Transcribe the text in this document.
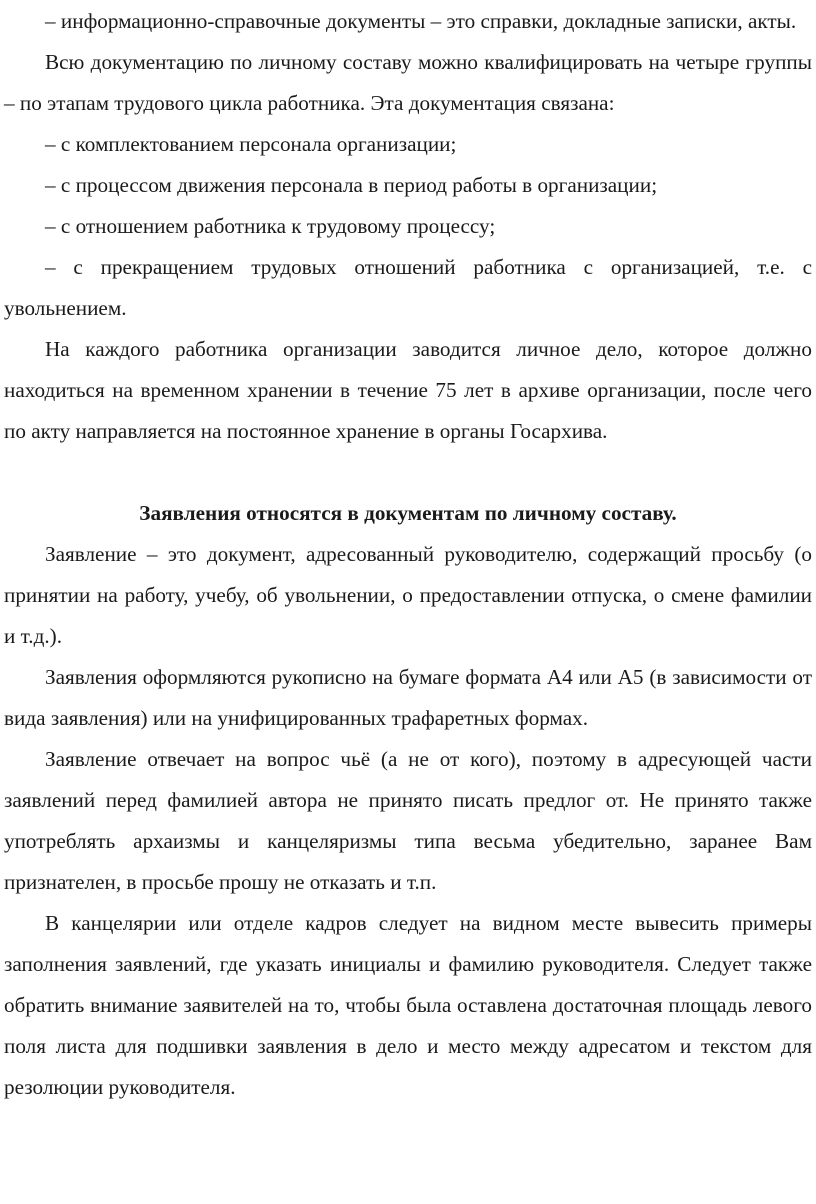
– информационно-справочные документы – это справки, докладные записки, акты.

Всю документацию по личному составу можно квалифицировать на четыре группы – по этапам трудового цикла работника. Эта документация связана:

– с комплектованием персонала организации;

– с процессом движения персонала в период работы в организации;

– с отношением работника к трудовому процессу;

– с прекращением трудовых отношений работника с организацией, т.е. с увольнением.

На каждого работника организации заводится личное дело, которое должно находиться на временном хранении в течение 75 лет в архиве организации, после чего по акту направляется на постоянное хранение в органы Госархива.

Заявления относятся в документам по личному составу.

Заявление – это документ, адресованный руководителю, содержащий просьбу (о принятии на работу, учебу, об увольнении, о предоставлении отпуска, о смене фамилии и т.д.).

Заявления оформляются рукописно на бумаге формата А4 или А5 (в зависимости от вида заявления) или на унифицированных трафаретных формах.

Заявление отвечает на вопрос чьё (а не от кого), поэтому в адресующей части заявлений перед фамилией автора не принято писать предлог от. Не принято также употреблять архаизмы и канцеляризмы типа весьма убедительно, заранее Вам признателен, в просьбе прошу не отказать и т.п.

В канцелярии или отделе кадров следует на видном месте вывесить примеры заполнения заявлений, где указать инициалы и фамилию руководителя. Следует также обратить внимание заявителей на то, чтобы была оставлена достаточная площадь левого поля листа для подшивки заявления в дело и место между адресатом и текстом для резолюции руководителя.
